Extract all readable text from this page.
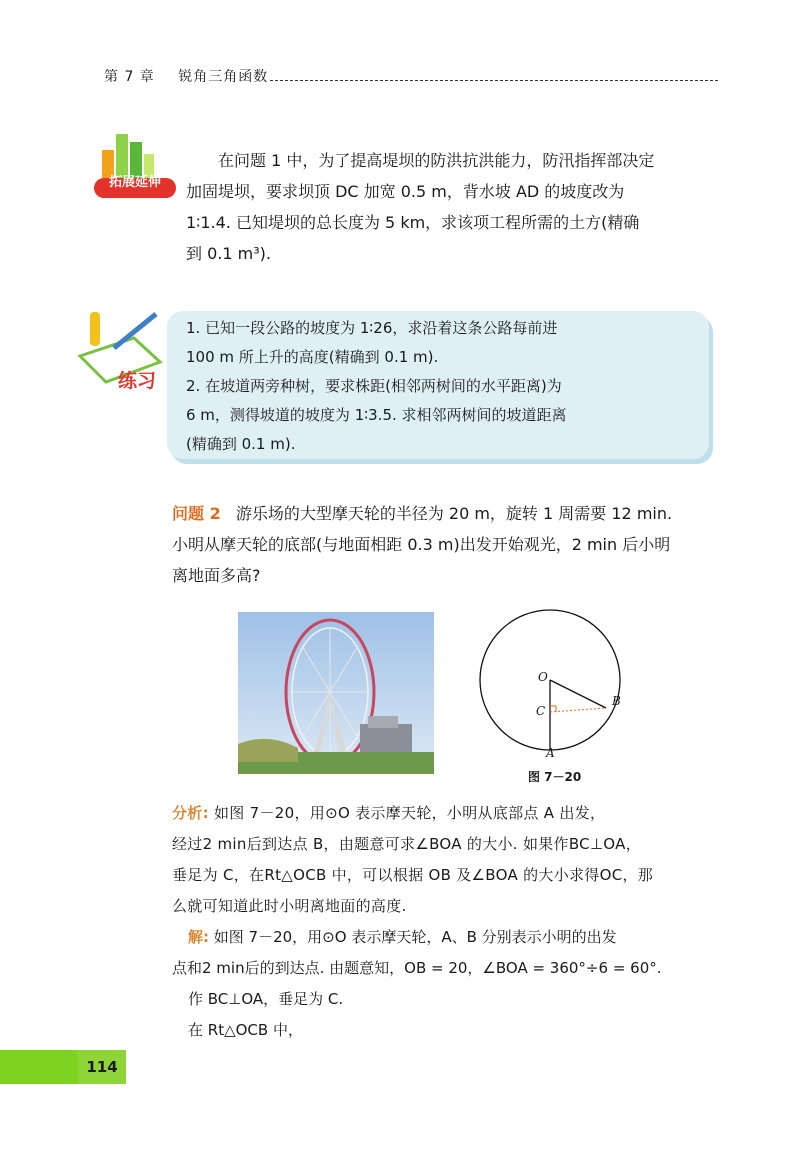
第 7 章 锐角三角函数
拓展延伸
　　在问题 1 中，为了提高堤坝的防洪抗洪能力，防汛指挥部决定
加固堤坝，要求坝顶 DC 加宽 0.5 m，背水坡 AD 的坡度改为
1∶1.4. 已知堤坝的总长度为 5 km，求该项工程所需的土方(精确
到 0.1 m³).
练习
1. 已知一段公路的坡度为 1∶26，求沿着这条公路每前进
100 m 所上升的高度(精确到 0.1 m).
2. 在坡道两旁种树，要求株距(相邻两树间的水平距离)为
6 m，测得坡道的坡度为 1∶3.5. 求相邻两树间的坡道距离
(精确到 0.1 m).
问题 2 游乐场的大型摩天轮的半径为 20 m，旋转 1 周需要 12 min.
小明从摩天轮的底部(与地面相距 0.3 m)出发开始观光，2 min 后小明
离地面多高?
O
B
C
A
图 7－20
分析: 如图 7－20，用⊙O 表示摩天轮，小明从底部点 A 出发，
经过2 min后到达点 B，由题意可求∠BOA 的大小. 如果作BC⊥OA，
垂足为 C，在Rt△OCB 中，可以根据 OB 及∠BOA 的大小求得OC，那
么就可知道此时小明离地面的高度.
解: 如图 7－20，用⊙O 表示摩天轮，A、B 分别表示小明的出发
点和2 min后的到达点. 由题意知，OB = 20，∠BOA = 360°÷6 = 60°.
作 BC⊥OA，垂足为 C.
在 Rt△OCB 中，
114
